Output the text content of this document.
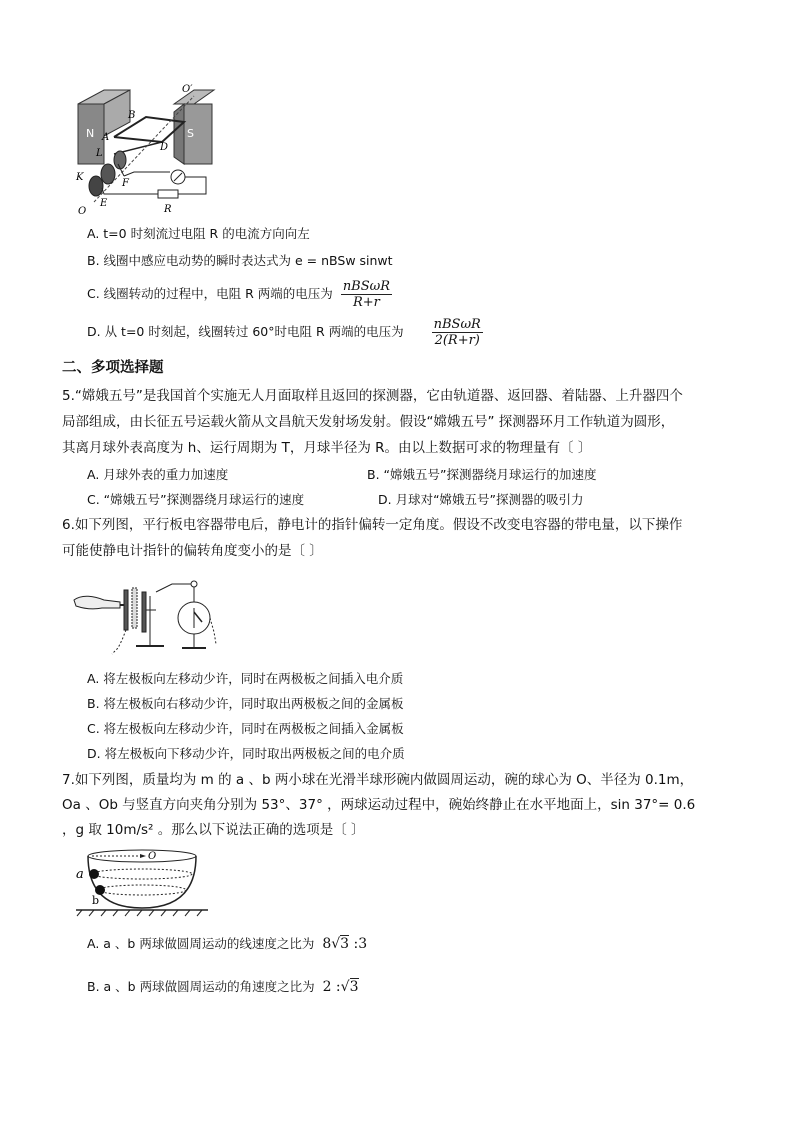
O′
B
N	S
A
L
D
K
F
O
E
R
A. t=0 时刻流过电阻 R 的电流方向向左
B. 线圈中感应电动势的瞬时表达式为 e = nBSw sinwt
C. 线圈转动的过程中，电阻 R 两端的电压为 $\frac{\text{nBSωR}}{R+r}$
D. 从 t=0 时刻起，线圈转过 60°时电阻 R 两端的电压为 $\frac{\text{nBSωR}}{2(R+r)}$
二、多项选择题
5.“嫦娥五号”是我国首个实施无人月面取样且返回的探测器，它由轨道器、返回器、着陆器、上升器四个
局部组成，由长征五号运载火箭从文昌航天发射场发射。假设“嫦娥五号” 探测器环月工作轨道为圆形，
其离月球外表高度为 h、运行周期为 T，月球半径为 R。由以上数据可求的物理量有〔 〕
A. 月球外表的重力加速度	B. “嫦娥五号”探测器绕月球运行的加速度
C. “嫦娥五号”探测器绕月球运行的速度	D. 月球对“嫦娥五号”探测器的吸引力
6.如下列图，平行板电容器带电后，静电计的指针偏转一定角度。假设不改变电容器的带电量，以下操作
可能使静电计指针的偏转角度变小的是〔 〕
A. 将左极板向左移动少许，同时在两极板之间插入电介质
B. 将左极板向右移动少许，同时取出两极板之间的金属板
C. 将左极板向左移动少许，同时在两极板之间插入金属板
D. 将左极板向下移动少许，同时取出两极板之间的电介质
7.如下列图，质量均为 m 的 a 、b 两小球在光滑半球形碗内做圆周运动，碗的球心为 O、半径为 0.1m，
Oa 、Ob 与竖直方向夹角分别为 53°、37° ，两球运动过程中，碗始终静止在水平地面上，sin 37°= 0.6
，g 取 10m/s² 。那么以下说法正确的选项是〔 〕
O
a
b
A. a 、b 两球做圆周运动的线速度之比为 8√3 :3
B. a 、b 两球做圆周运动的角速度之比为 2 :√3
